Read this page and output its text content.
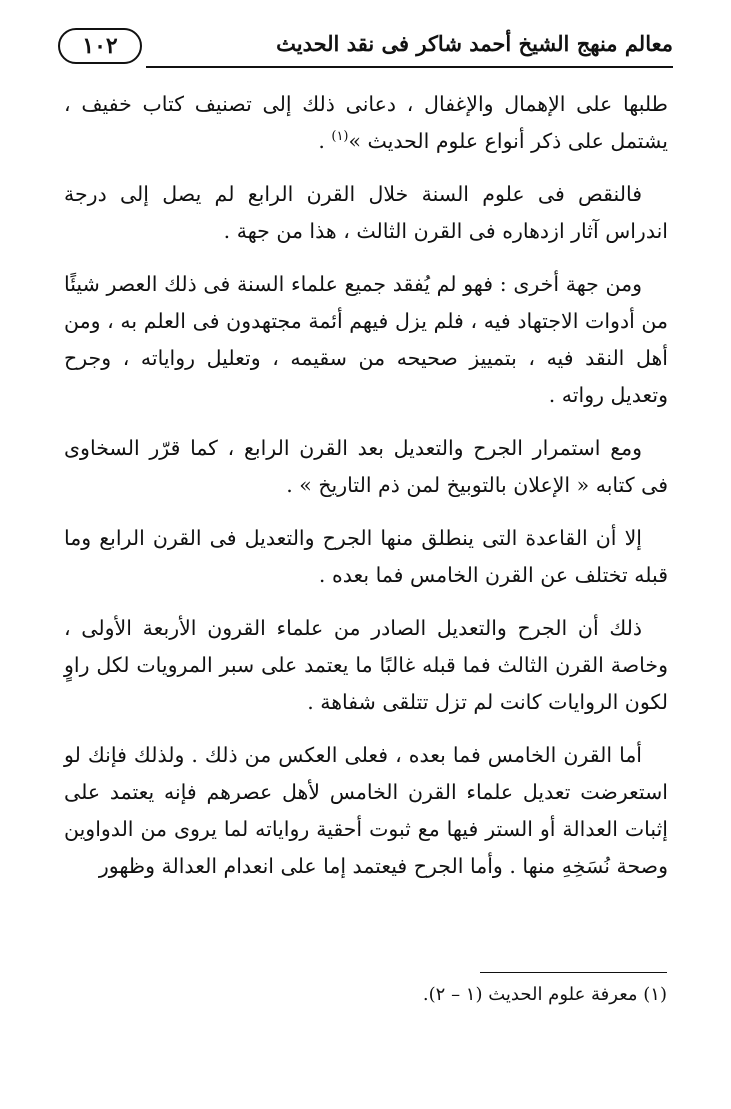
١٠٢	معالم منهج الشيخ أحمد شاكر فى نقد الحديث

طلبها على الإهمال والإغفال ، دعانى ذلك إلى تصنيف كتاب خفيف ، يشتمل على ذكر أنواع علوم الحديث »$^{(١)}$ .

فالنقص فى علوم السنة خلال القرن الرابع لم يصل إلى درجة اندراس آثار ازدهاره فى القرن الثالث ، هذا من جهة .

ومن جهة أخرى : فهو لم يُفقد جميع علماء السنة فى ذلك العصر شيئًا من أدوات الاجتهاد فيه ، فلم يزل فيهم أئمة مجتهدون فى العلم به ، ومن أهل النقد فيه ، بتمييز صحيحه من سقيمه ، وتعليل رواياته ، وجرح وتعديل رواته .

ومع استمرار الجرح والتعديل بعد القرن الرابع ، كما قرّر السخاوى فى كتابه « الإعلان بالتوبيخ لمن ذم التاريخ » .

إلا أن القاعدة التى ينطلق منها الجرح والتعديل فى القرن الرابع وما قبله تختلف عن القرن الخامس فما بعده .

ذلك أن الجرح والتعديل الصادر من علماء القرون الأربعة الأولى ، وخاصة القرن الثالث فما قبله غالبًا ما يعتمد على سبر المرويات لكل راوٍ لكون الروايات كانت لم تزل تتلقى شفاهة .

أما القرن الخامس فما بعده ، فعلى العكس من ذلك . ولذلك فإنك لو استعرضت تعديل علماء القرن الخامس لأهل عصرهم فإنه يعتمد على إثبات العدالة أو الستر فيها مع ثبوت أحقية رواياته لما يروى من الدواوين وصحة نُسَخِهِ منها . وأما الجرح فيعتمد إما على انعدام العدالة وظهور

(١) معرفة علوم الحديث (١ – ٢).
